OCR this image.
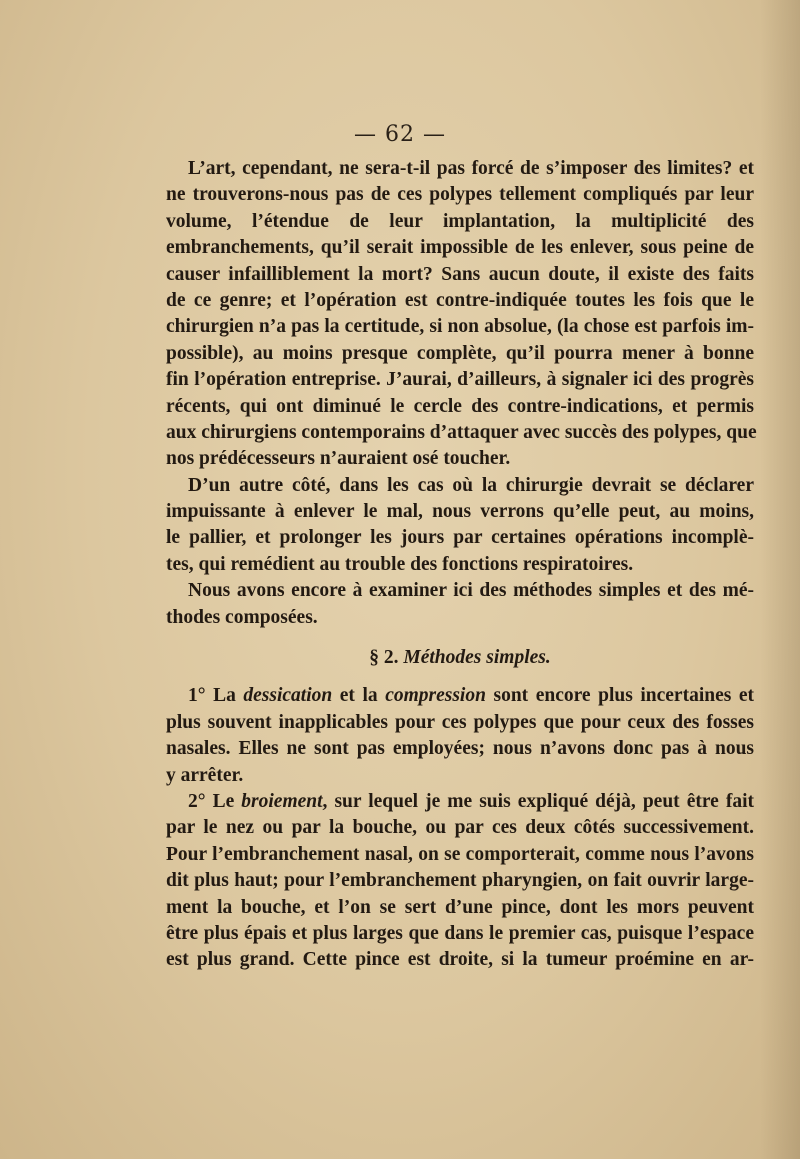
— 62 —
L’art, cependant, ne sera-t-il pas forcé de s’imposer des limites? et
ne trouverons-nous pas de ces polypes tellement compliqués par leur
volume, l’étendue de leur implantation, la multiplicité des
embranchements, qu’il serait impossible de les enlever, sous peine de
causer infailliblement la mort? Sans aucun doute, il existe des faits
de ce genre; et l’opération est contre-indiquée toutes les fois que le
chirurgien n’a pas la certitude, si non absolue, (la chose est parfois im-
possible), au moins presque complète, qu’il pourra mener à bonne
fin l’opération entreprise. J’aurai, d’ailleurs, à signaler ici des progrès
récents, qui ont diminué le cercle des contre-indications, et permis
aux chirurgiens contemporains d’attaquer avec succès des polypes, que
nos prédécesseurs n’auraient osé toucher.
D’un autre côté, dans les cas où la chirurgie devrait se déclarer
impuissante à enlever le mal, nous verrons qu’elle peut, au moins,
le pallier, et prolonger les jours par certaines opérations incomplè-
tes, qui remédient au trouble des fonctions respiratoires.
Nous avons encore à examiner ici des méthodes simples et des mé-
thodes composées.
§ 2. Méthodes simples.
1° La dessication et la compression sont encore plus incertaines et
plus souvent inapplicables pour ces polypes que pour ceux des fosses
nasales. Elles ne sont pas employées; nous n’avons donc pas à nous
y arrêter.
2° Le broiement, sur lequel je me suis expliqué déjà, peut être fait
par le nez ou par la bouche, ou par ces deux côtés successivement.
Pour l’embranchement nasal, on se comporterait, comme nous l’avons
dit plus haut; pour l’embranchement pharyngien, on fait ouvrir large-
ment la bouche, et l’on se sert d’une pince, dont les mors peuvent
être plus épais et plus larges que dans le premier cas, puisque l’espace
est plus grand. Cette pince est droite, si la tumeur proémine en ar-
